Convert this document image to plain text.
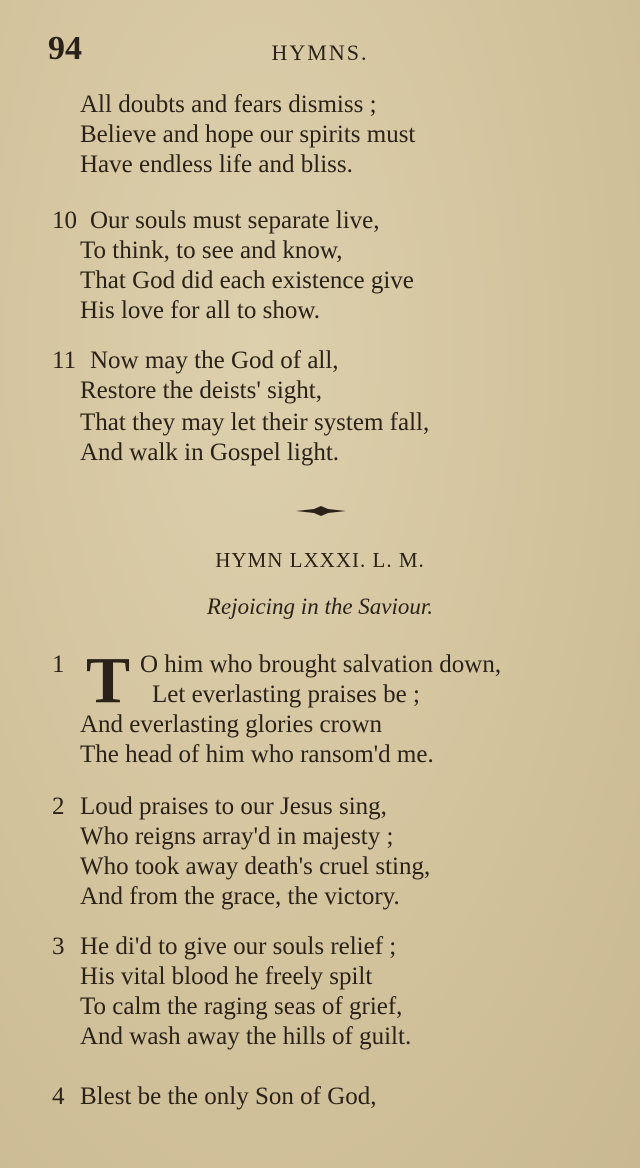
94	HYMNS.
All doubts and fears dismiss ;
Believe and hope our spirits must
Have endless life and bliss.
10 Our souls must separate live,
To think, to see and know,
That God did each existence give
His love for all to show.
11 Now may the God of all,
Restore the deists' sight,
That they may let their system fall,
And walk in Gospel light.
HYMN LXXXI. L. M.
Rejoicing in the Saviour.
1 T O him who brought salvation down,
Let everlasting praises be ;
And everlasting glories crown
The head of him who ransom'd me.
2 Loud praises to our Jesus sing,
Who reigns array'd in majesty ;
Who took away death's cruel sting,
And from the grace, the victory.
3 He di'd to give our souls relief ;
His vital blood he freely spilt
To calm the raging seas of grief,
And wash away the hills of guilt.
4 Blest be the only Son of God,
